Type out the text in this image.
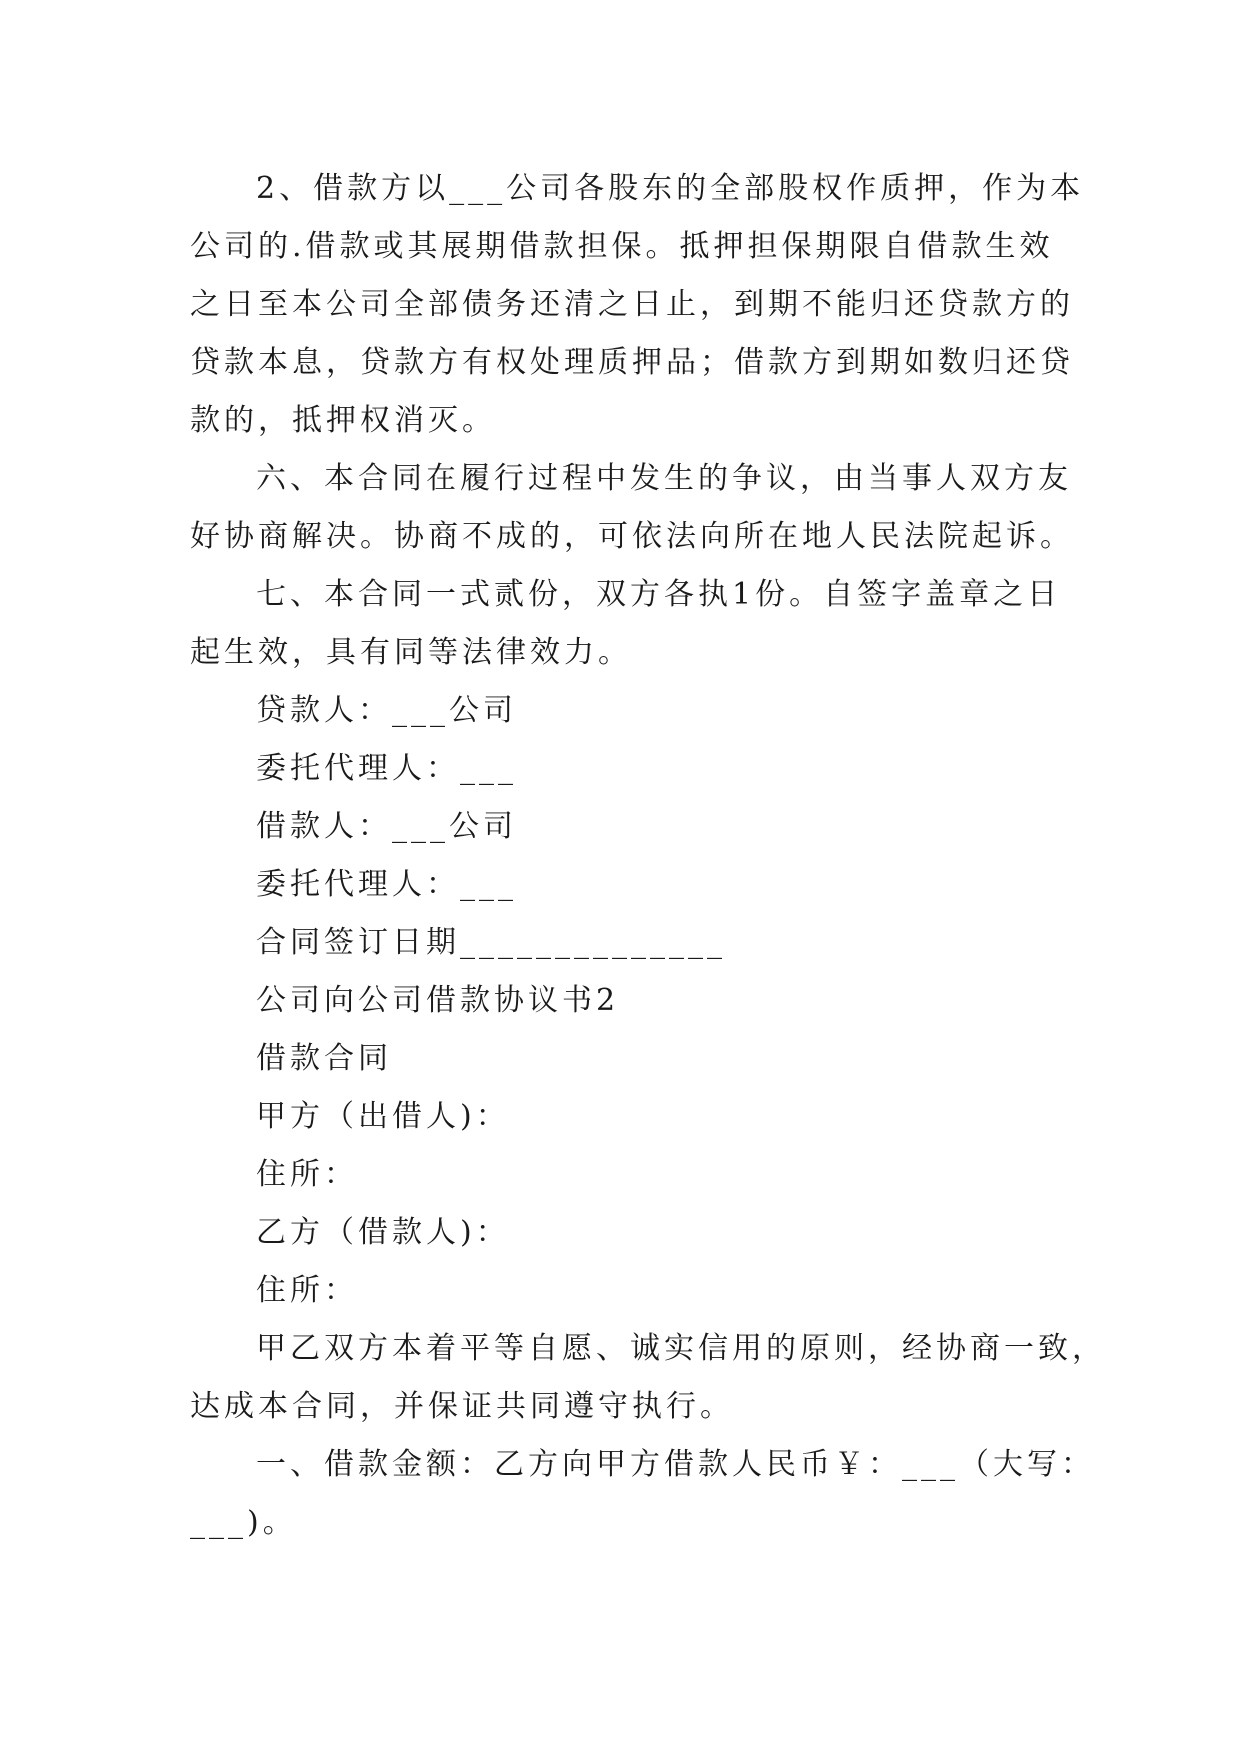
2、借款方以___公司各股东的全部股权作质押，作为本
公司的.借款或其展期借款担保。抵押担保期限自借款生效
之日至本公司全部债务还清之日止，到期不能归还贷款方的
贷款本息，贷款方有权处理质押品；借款方到期如数归还贷
款的，抵押权消灭。
六、本合同在履行过程中发生的争议，由当事人双方友
好协商解决。协商不成的，可依法向所在地人民法院起诉。
七、本合同一式贰份，双方各执1份。自签字盖章之日
起生效，具有同等法律效力。
贷款人：___公司
委托代理人：___
借款人：___公司
委托代理人：___
合同签订日期______________
公司向公司借款协议书2
借款合同
甲方（出借人)：
住所：
乙方（借款人)：
住所：
甲乙双方本着平等自愿、诚实信用的原则，经协商一致，
达成本合同，并保证共同遵守执行。
一、借款金额：乙方向甲方借款人民币￥：___（大写：
___)。
